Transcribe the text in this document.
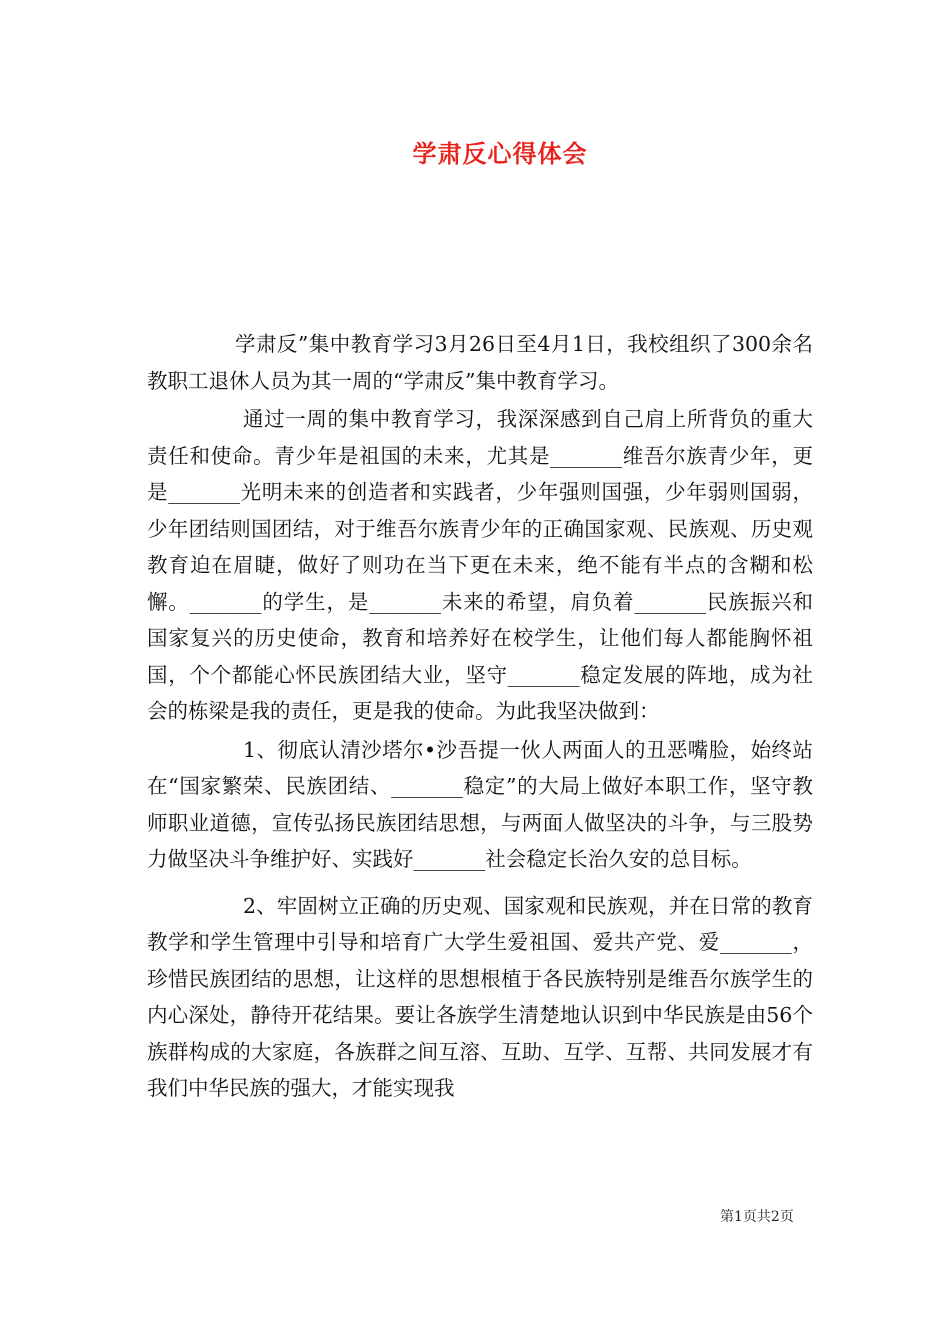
学肃反心得体会

学肃反”集中教育学习3月26日至4月1日，我校组织了300余名教职工退休人员为其一周的“学肃反”集中教育学习。

通过一周的集中教育学习，我深深感到自己肩上所背负的重大责任和使命。青少年是祖国的未来，尤其是_______维吾尔族青少年，更是_______光明未来的创造者和实践者，少年强则国强，少年弱则国弱，少年团结则国团结，对于维吾尔族青少年的正确国家观、民族观、历史观教育迫在眉睫，做好了则功在当下更在未来，绝不能有半点的含糊和松懈。_______的学生，是_______未来的希望，肩负着_______民族振兴和国家复兴的历史使命，教育和培养好在校学生，让他们每人都能胸怀祖国，个个都能心怀民族团结大业，坚守_______稳定发展的阵地，成为社会的栋梁是我的责任，更是我的使命。为此我坚决做到：

1、彻底认清沙塔尔•沙吾提一伙人两面人的丑恶嘴脸，始终站在“国家繁荣、民族团结、_______稳定”的大局上做好本职工作，坚守教师职业道德，宣传弘扬民族团结思想，与两面人做坚决的斗争，与三股势力做坚决斗争维护好、实践好_______社会稳定长治久安的总目标。

2、牢固树立正确的历史观、国家观和民族观，并在日常的教育教学和学生管理中引导和培育广大学生爱祖国、爱共产党、爱_______，珍惜民族团结的思想，让这样的思想根植于各民族特别是维吾尔族学生的内心深处，静待开花结果。要让各族学生清楚地认识到中华民族是由56个族群构成的大家庭，各族群之间互溶、互助、互学、互帮、共同发展才有我们中华民族的强大，才能实现我

第1页共2页
